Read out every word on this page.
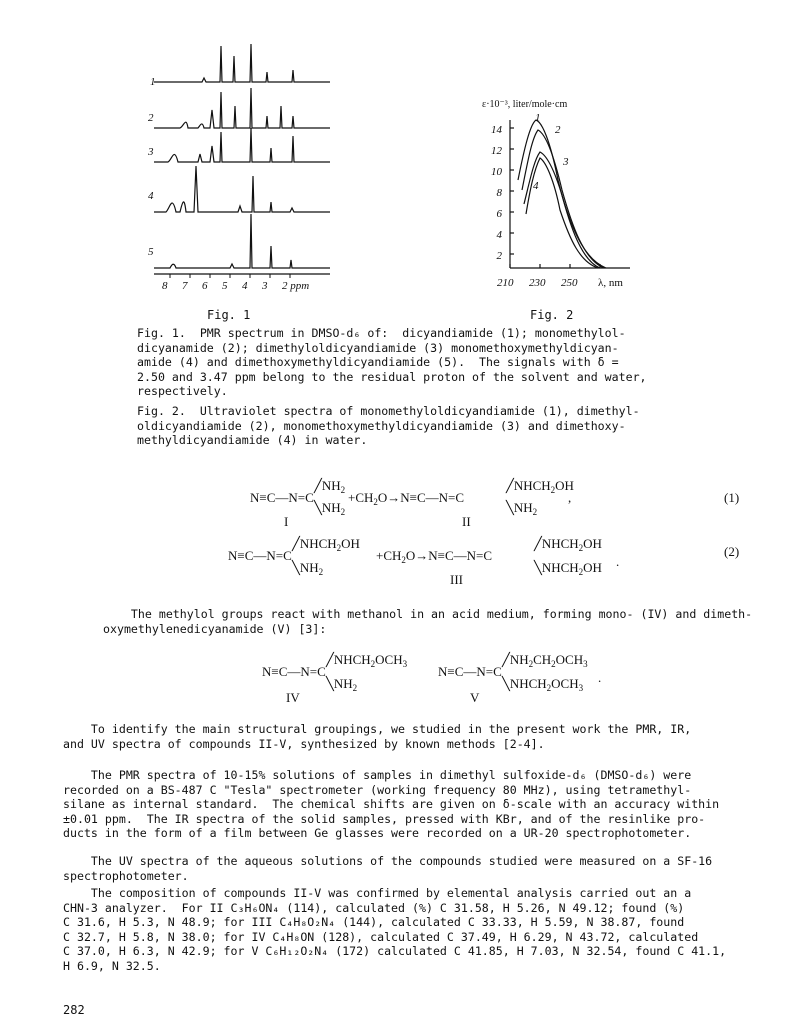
1
2
3
4
5
8 7 6 5 4 3 2 ppm
ε·10⁻³, liter/mole·cm
14
12
10
8
6
4
2
210 230 250 λ, nm
1
2
3
4
Fig. 1	Fig. 2
Fig. 1.  PMR spectrum in DMSO-d₆ of:  dicyandiamide (1); monomethylol-
dicyanamide (2); dimethyloldicyandiamide (3) monomethoxymethyldicyan-
amide (4) and dimethoxymethyldicyandiamide (5).  The signals with δ =
2.50 and 3.47 ppm belong to the residual proton of the solvent and water,
respectively.
Fig. 2.  Ultraviolet spectra of monomethyloldicyandiamide (1), dimethyl-
oldicyandiamide (2), monomethoxymethyldicyandiamide (3) and dimethoxy-
methyldicyandiamide (4) in water.
N≡C—N=C
$╱NH_2$
$╲NH_2$
$+CH_2O\to N\equiv C—N=C$
$╱NHCH_2OH$
$╲NH_2$
,
I	II
(1)
N≡C—N=C
$╱NHCH_2OH$
$╲NH_2$
$+CH_2O\to N\equiv C—N=C$
$╱NHCH_2OH$
$╲NHCH_2OH$ .
III
(2)
The methylol groups react with methanol in an acid medium, forming mono- (IV) and dimeth-
oxymethylenedicyanamide (V) [3]:
N≡C—N=C
$╱NHCH_2OCH_3$
$╲NH_2$
IV
N≡C—N=C
$╱NH_2CH_2OCH_3$
$╲NHCH_2OCH_3$
.
V
To identify the main structural groupings, we studied in the present work the PMR, IR,
and UV spectra of compounds II-V, synthesized by known methods [2-4].
The PMR spectra of 10-15% solutions of samples in dimethyl sulfoxide-d₆ (DMSO-d₆) were
recorded on a BS-487 C "Tesla" spectrometer (working frequency 80 MHz), using tetramethyl-
silane as internal standard.  The chemical shifts are given on δ-scale with an accuracy within
±0.01 ppm.  The IR spectra of the solid samples, pressed with KBr, and of the resinlike pro-
ducts in the form of a film between Ge glasses were recorded on a UR-20 spectrophotometer.
The UV spectra of the aqueous solutions of the compounds studied were measured on a SF-16
spectrophotometer.
The composition of compounds II-V was confirmed by elemental analysis carried out an a
CHN-3 analyzer.  For II C₃H₆ON₄ (114), calculated (%) C 31.58, H 5.26, N 49.12; found (%)
C 31.6, H 5.3, N 48.9; for III C₄H₈O₂N₄ (144), calculated C 33.33, H 5.59, N 38.87, found
C 32.7, H 5.8, N 38.0; for IV C₄H₈ON (128), calculated C 37.49, H 6.29, N 43.72, calculated
C 37.0, H 6.3, N 42.9; for V C₆H₁₂O₂N₄ (172) calculated C 41.85, H 7.03, N 32.54, found C 41.1,
H 6.9, N 32.5.
282
